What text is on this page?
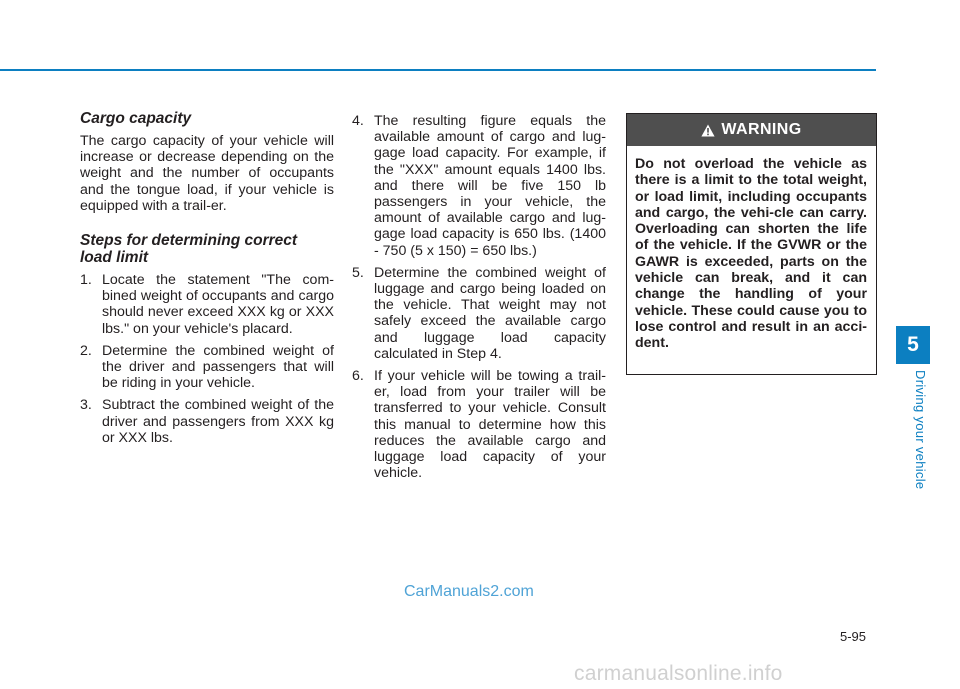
Cargo capacity

The cargo capacity of your vehicle will increase or decrease depending on the weight and the number of occupants and the tongue load, if your vehicle is equipped with a trail-er.

Steps for determining correct load limit
1. Locate the statement "The com-bined weight of occupants and cargo should never exceed XXX kg or XXX lbs." on your vehicle's placard.
2. Determine the combined weight of the driver and passengers that will be riding in your vehicle.
3. Subtract the combined weight of the driver and passengers from XXX kg or XXX lbs.
4. The resulting figure equals the available amount of cargo and lug-gage load capacity. For example, if the "XXX" amount equals 1400 lbs. and there will be five 150 lb passengers in your vehicle, the amount of available cargo and lug-gage load capacity is 650 lbs. (1400 - 750 (5 x 150) = 650 lbs.)
5. Determine the combined weight of luggage and cargo being loaded on the vehicle. That weight may not safely exceed the available cargo and luggage load capacity calculated in Step 4.
6. If your vehicle will be towing a trail-er, load from your trailer will be transferred to your vehicle. Consult this manual to determine how this reduces the available cargo and luggage load capacity of your vehicle.
WARNING
Do not overload the vehicle as there is a limit to the total weight, or load limit, including occupants and cargo, the vehi-cle can carry. Overloading can shorten the life of the vehicle. If the GVWR or the GAWR is exceeded, parts on the vehicle can break, and it can change the handling of your vehicle. These could cause you to lose control and result in an acci-dent.	5
Driving your vehicle
CarManuals2.com
5-95
carmanualsonline.info
